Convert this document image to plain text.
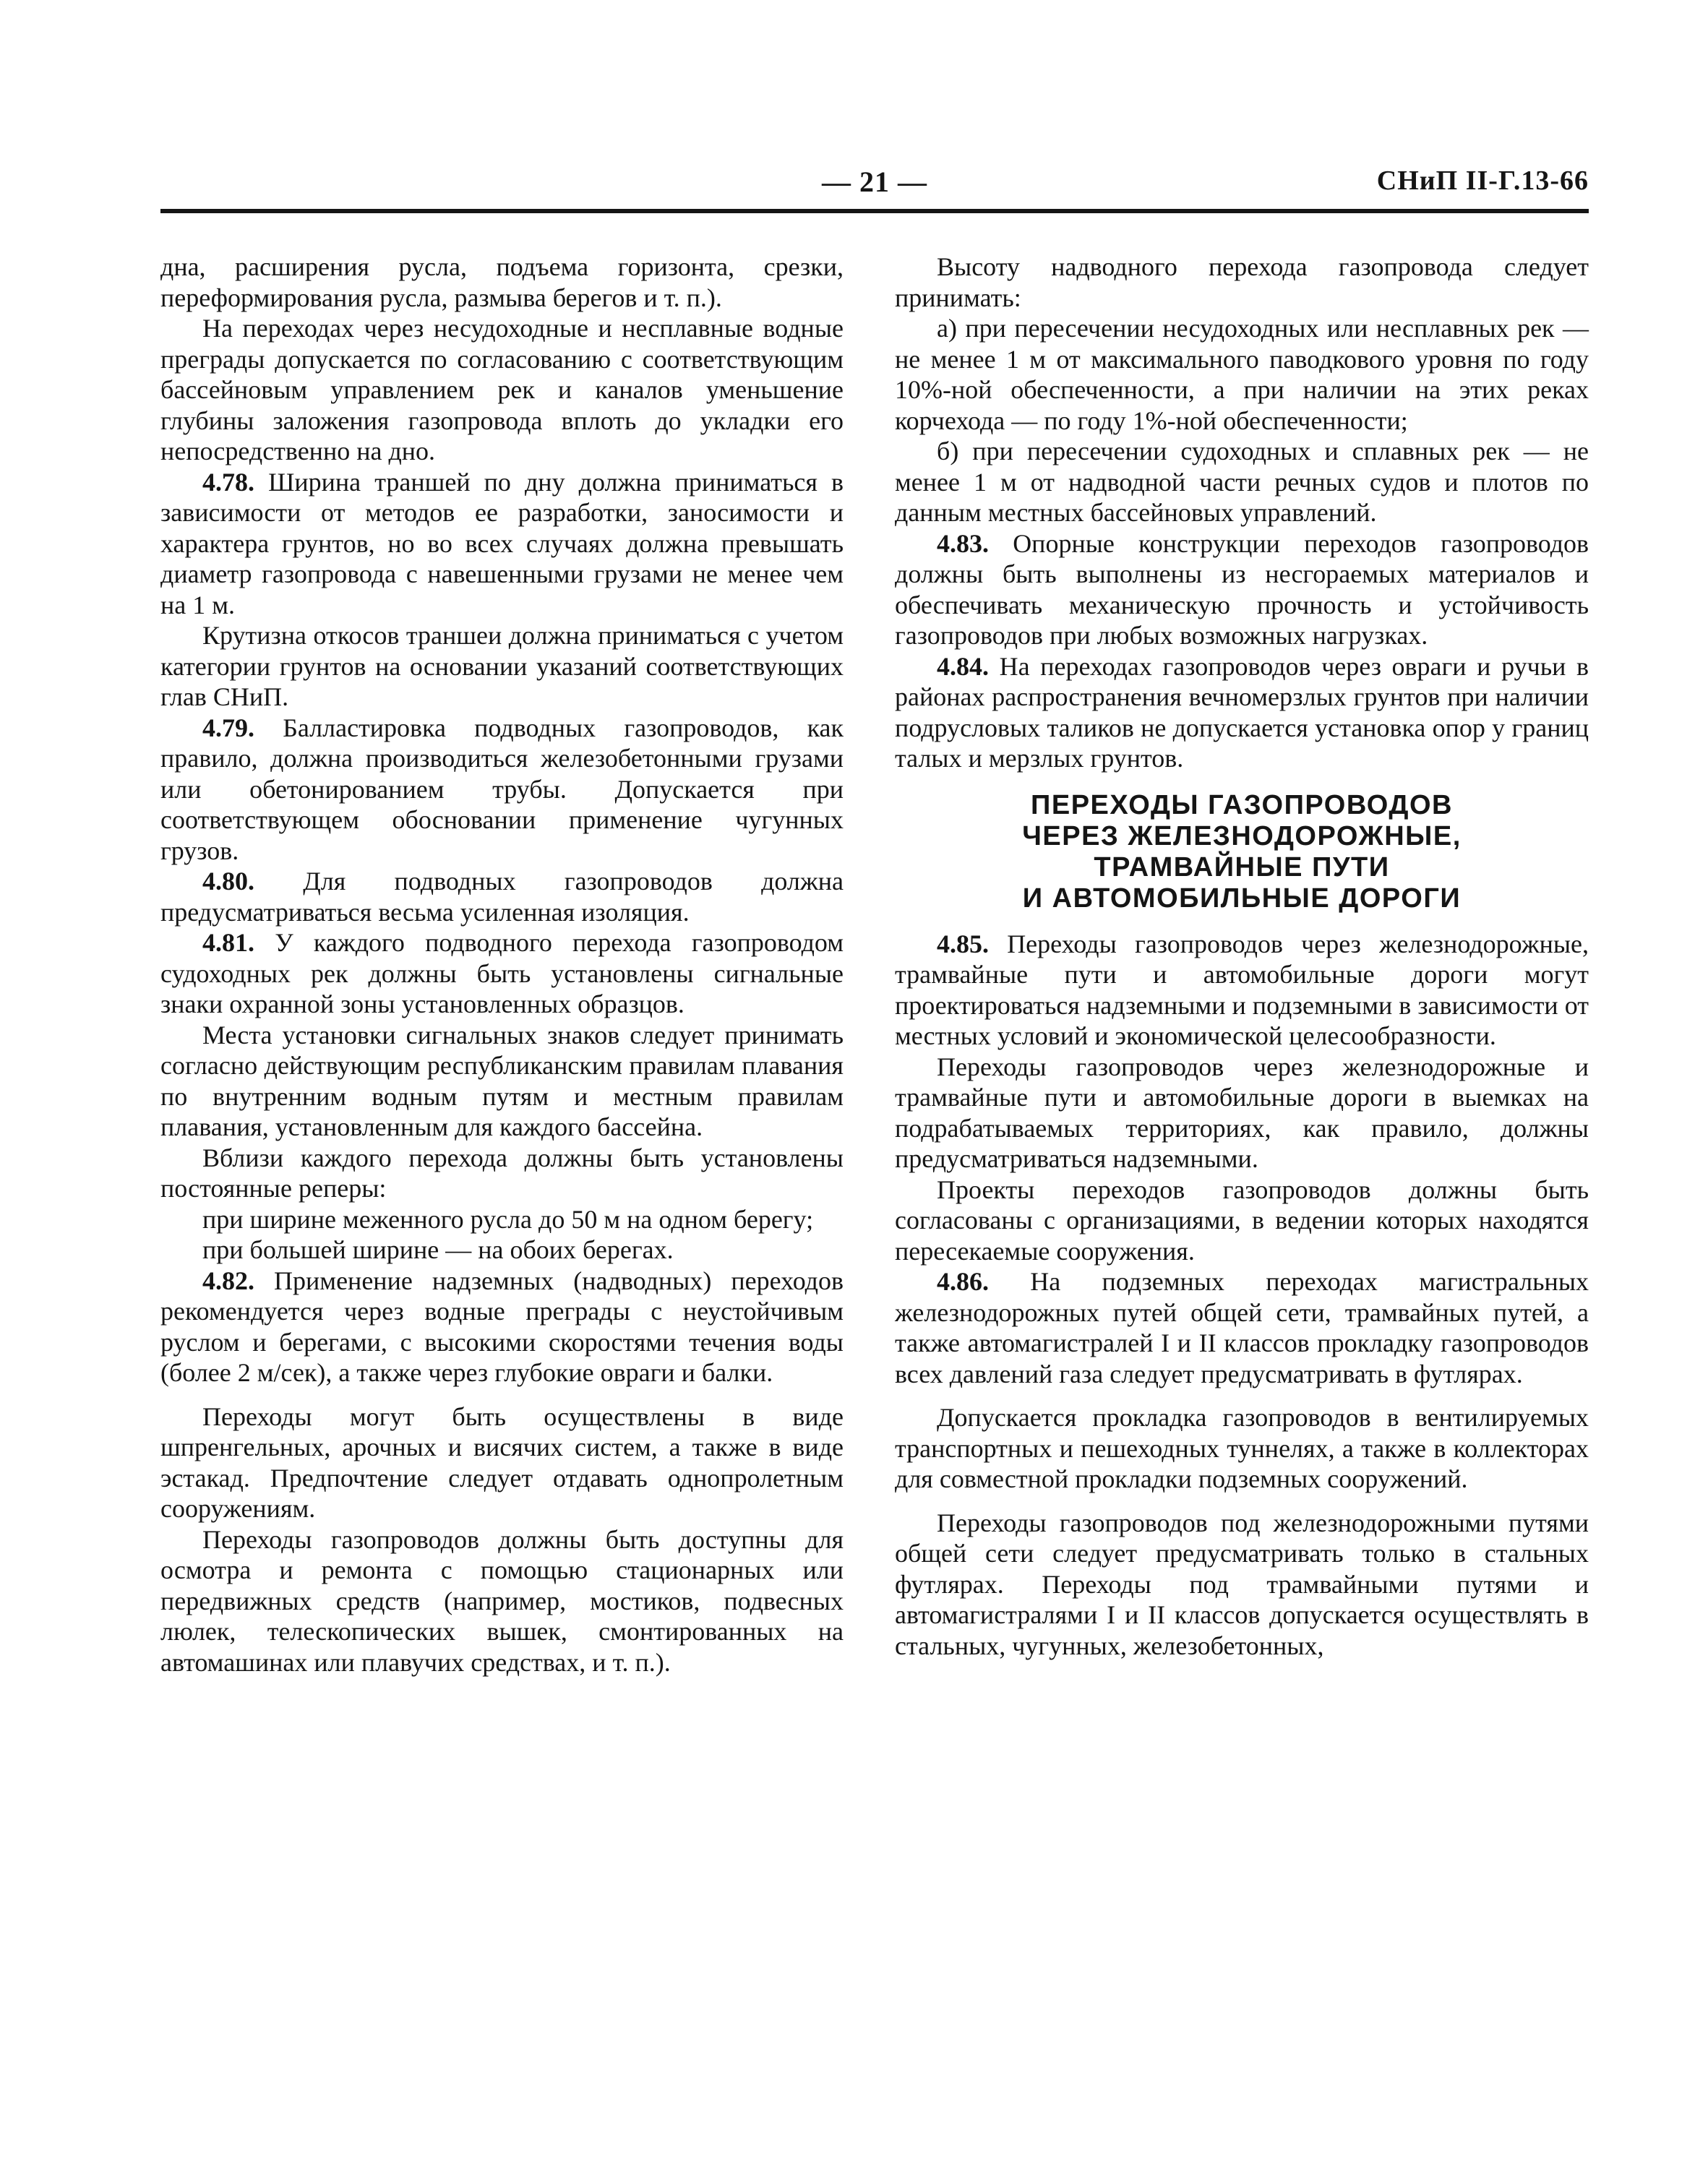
— 21 —	СНиП II-Г.13-66

дна, расширения русла, подъема горизонта, срезки, переформирования русла, размыва берегов и т. п.).

На переходах через несудоходные и несплавные водные преграды допускается по согласованию с соответствующим бассейновым управлением рек и каналов уменьшение глубины заложения газопровода вплоть до укладки его непосредственно на дно.

4.78. Ширина траншей по дну должна приниматься в зависимости от методов ее разработки, заносимости и характера грунтов, но во всех случаях должна превышать диаметр газопровода с навешенными грузами не менее чем на 1 м.

Крутизна откосов траншеи должна приниматься с учетом категории грунтов на основании указаний соответствующих глав СНиП.

4.79. Балластировка подводных газопроводов, как правило, должна производиться железобетонными грузами или обетонированием трубы. Допускается при соответствующем обосновании применение чугунных грузов.

4.80. Для подводных газопроводов должна предусматриваться весьма усиленная изоляция.

4.81. У каждого подводного перехода газопроводом судоходных рек должны быть установлены сигнальные знаки охранной зоны установленных образцов.

Места установки сигнальных знаков следует принимать согласно действующим республиканским правилам плавания по внутренним водным путям и местным правилам плавания, установленным для каждого бассейна.

Вблизи каждого перехода должны быть установлены постоянные реперы:

при ширине меженного русла до 50 м на одном берегу;

при большей ширине — на обоих берегах.

4.82. Применение надземных (надводных) переходов рекомендуется через водные преграды с неустойчивым руслом и берегами, с высокими скоростями течения воды (более 2 м/сек), а также через глубокие овраги и балки.

Переходы могут быть осуществлены в виде шпренгельных, арочных и висячих систем, а также в виде эстакад. Предпочтение следует отдавать однопролетным сооружениям.

Переходы газопроводов должны быть доступны для осмотра и ремонта с помощью стационарных или передвижных средств (например, мостиков, подвесных люлек, телескопических вышек, смонтированных на автомашинах или плавучих средствах, и т. п.).

Высоту надводного перехода газопровода следует принимать:

а) при пересечении несудоходных или несплавных рек — не менее 1 м от максимального паводкового уровня по году 10%-ной обеспеченности, а при наличии на этих реках корчехода — по году 1%-ной обеспеченности;

б) при пересечении судоходных и сплавных рек — не менее 1 м от надводной части речных судов и плотов по данным местных бассейновых управлений.

4.83. Опорные конструкции переходов газопроводов должны быть выполнены из несгораемых материалов и обеспечивать механическую прочность и устойчивость газопроводов при любых возможных нагрузках.

4.84. На переходах газопроводов через овраги и ручьи в районах распространения вечномерзлых грунтов при наличии подрусловых таликов не допускается установка опор у границ талых и мерзлых грунтов.

ПЕРЕХОДЫ ГАЗОПРОВОДОВ
ЧЕРЕЗ ЖЕЛЕЗНОДОРОЖНЫЕ,
ТРАМВАЙНЫЕ ПУТИ
И АВТОМОБИЛЬНЫЕ ДОРОГИ

4.85. Переходы газопроводов через железнодорожные, трамвайные пути и автомобильные дороги могут проектироваться надземными и подземными в зависимости от местных условий и экономической целесообразности.

Переходы газопроводов через железнодорожные и трамвайные пути и автомобильные дороги в выемках на подрабатываемых территориях, как правило, должны предусматриваться надземными.

Проекты переходов газопроводов должны быть согласованы с организациями, в ведении которых находятся пересекаемые сооружения.

4.86. На подземных переходах магистральных железнодорожных путей общей сети, трамвайных путей, а также автомагистралей I и II классов прокладку газопроводов всех давлений газа следует предусматривать в футлярах.

Допускается прокладка газопроводов в вентилируемых транспортных и пешеходных туннелях, а также в коллекторах для совместной прокладки подземных сооружений.

Переходы газопроводов под железнодорожными путями общей сети следует предусматривать только в стальных футлярах. Переходы под трамвайными путями и автомагистралями I и II классов допускается осуществлять в стальных, чугунных, железобетонных,
